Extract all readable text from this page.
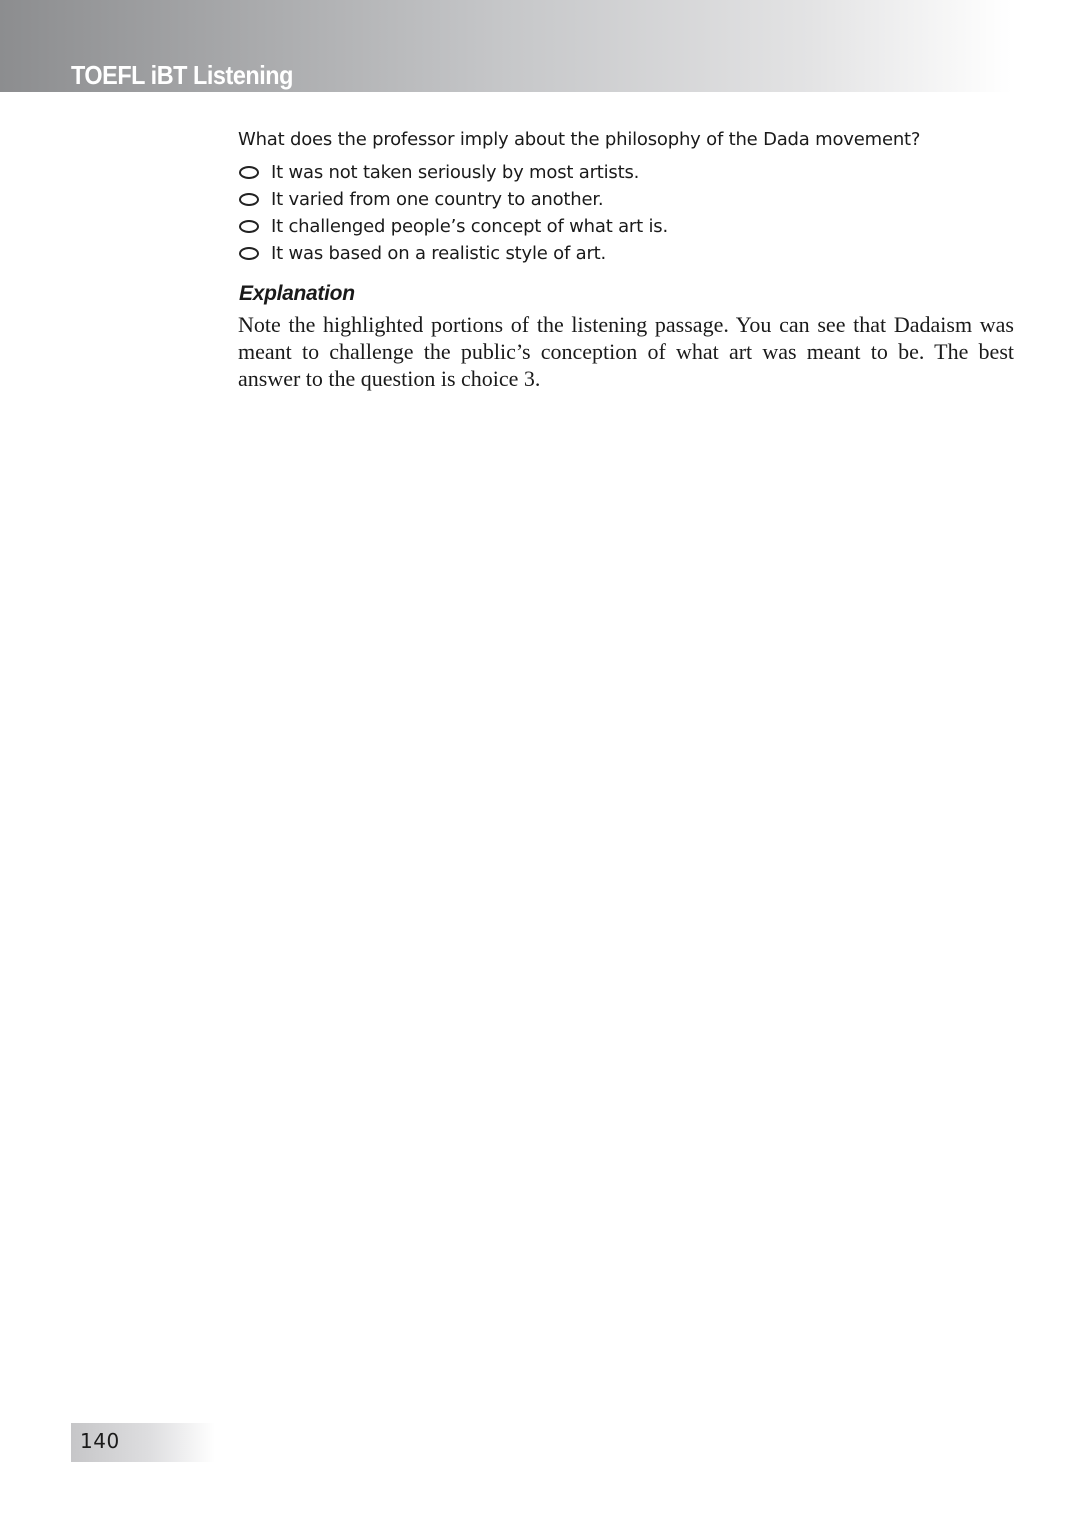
TOEFL iBT Listening

What does the professor imply about the philosophy of the Dada movement?

It was not taken seriously by most artists.
It varied from one country to another.
It challenged people’s concept of what art is.
It was based on a realistic style of art.
Explanation

Note the highlighted portions of the listening passage. You can see that Dadaism was meant to challenge the public’s conception of what art was meant to be. The best answer to the question is choice 3.

140
